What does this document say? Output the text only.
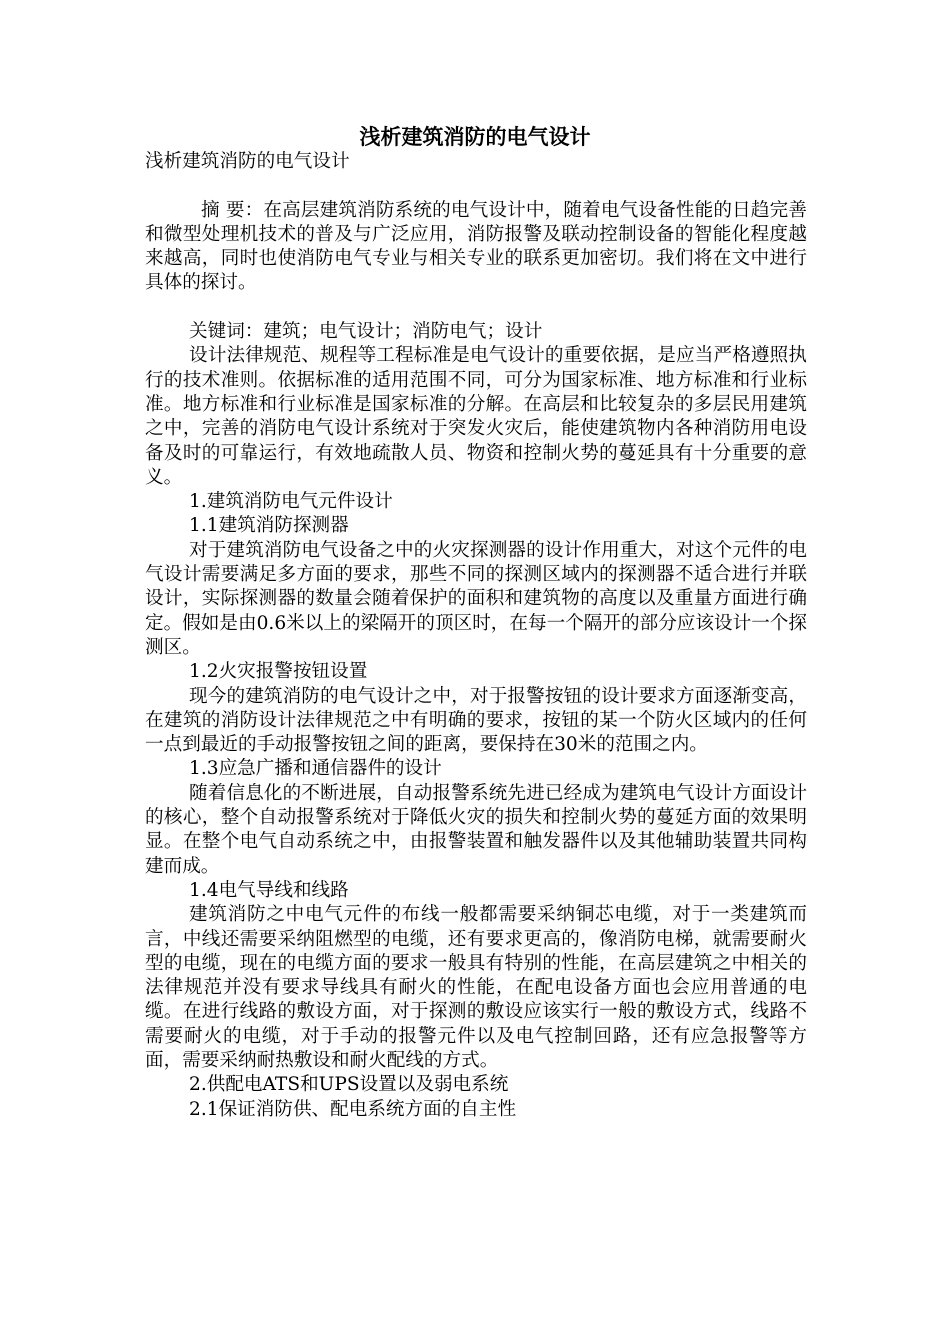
浅析建筑消防的电气设计

浅析建筑消防的电气设计

摘 要：在高层建筑消防系统的电气设计中，随着电气设备性能的日趋完善和微型处理机技术的普及与广泛应用，消防报警及联动控制设备的智能化程度越来越高，同时也使消防电气专业与相关专业的联系更加密切。我们将在文中进行具体的探讨。

关键词：建筑；电气设计；消防电气；设计

设计法律规范、规程等工程标准是电气设计的重要依据，是应当严格遵照执行的技术准则。依据标准的适用范围不同，可分为国家标准、地方标准和行业标准。地方标准和行业标准是国家标准的分解。在高层和比较复杂的多层民用建筑之中，完善的消防电气设计系统对于突发火灾后，能使建筑物内各种消防用电设备及时的可靠运行，有效地疏散人员、物资和控制火势的蔓延具有十分重要的意义。

1.建筑消防电气元件设计

1.1建筑消防探测器

对于建筑消防电气设备之中的火灾探测器的设计作用重大，对这个元件的电气设计需要满足多方面的要求，那些不同的探测区域内的探测器不适合进行并联设计，实际探测器的数量会随着保护的面积和建筑物的高度以及重量方面进行确定。假如是由0.6米以上的梁隔开的顶区时，在每一个隔开的部分应该设计一个探测区。

1.2火灾报警按钮设置

现今的建筑消防的电气设计之中，对于报警按钮的设计要求方面逐渐变高，在建筑的消防设计法律规范之中有明确的要求，按钮的某一个防火区域内的任何一点到最近的手动报警按钮之间的距离，要保持在30米的范围之内。

1.3应急广播和通信器件的设计

随着信息化的不断进展，自动报警系统先进已经成为建筑电气设计方面设计的核心，整个自动报警系统对于降低火灾的损失和控制火势的蔓延方面的效果明显。在整个电气自动系统之中，由报警装置和触发器件以及其他辅助装置共同构建而成。

1.4电气导线和线路

建筑消防之中电气元件的布线一般都需要采纳铜芯电缆，对于一类建筑而言，中线还需要采纳阻燃型的电缆，还有要求更高的，像消防电梯，就需要耐火型的电缆，现在的电缆方面的要求一般具有特别的性能，在高层建筑之中相关的法律规范并没有要求导线具有耐火的性能，在配电设备方面也会应用普通的电缆。在进行线路的敷设方面，对于探测的敷设应该实行一般的敷设方式，线路不需要耐火的电缆，对于手动的报警元件以及电气控制回路，还有应急报警等方面，需要采纳耐热敷设和耐火配线的方式。

2.供配电ATS和UPS设置以及弱电系统

2.1保证消防供、配电系统方面的自主性
